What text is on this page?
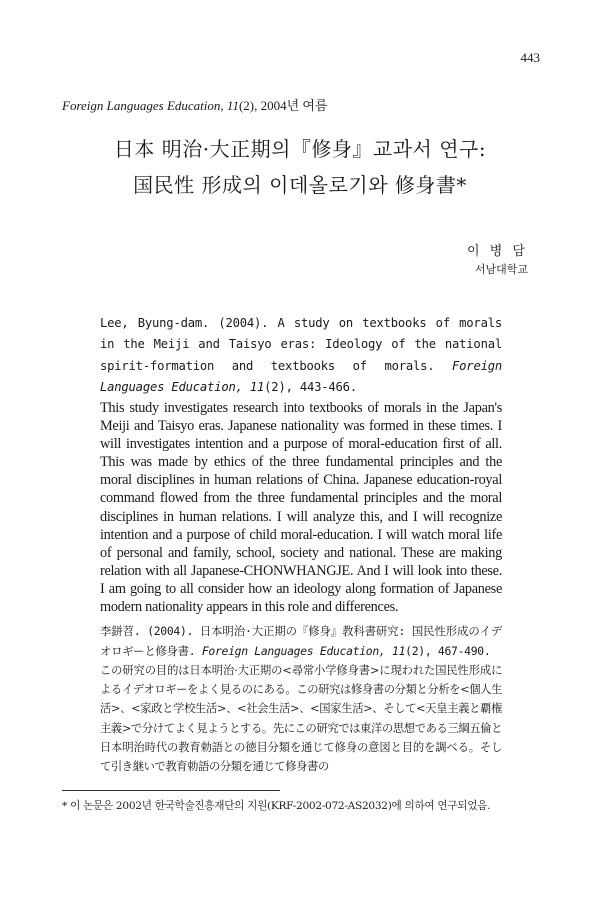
443
Foreign Languages Education, 11(2), 2004년 여름
日本 明治·大正期의『修身』교과서 연구:
国民性 形成의 이데올로기와 修身書*
이 병 담
서남대학교
Lee, Byung-dam. (2004). A study on textbooks of morals in the Meiji and Taisyo eras: Ideology of the national spirit-formation and textbooks of morals. Foreign Languages Education, 11(2), 443-466.
This study investigates research into textbooks of morals in the Japan's Meiji and Taisyo eras. Japanese nationality was formed in these times. I will investigates intention and a purpose of moral-education first of all. This was made by ethics of the three fundamental principles and the moral disciplines in human relations of China. Japanese education-royal command flowed from the three fundamental principles and the moral disciplines in human relations. I will analyze this, and I will recognize intention and a purpose of child moral-education. I will watch moral life of personal and family, school, society and national. These are making relation with all Japanese-CHONWHANGJE. And I will look into these. I am going to all consider how an ideology along formation of Japanese modern nationality appears in this role and differences.
李鉼苕. (2004). 日本明治·大正期の『修身』教科書研究: 国民性形成のイデオロギーと修身書. Foreign Languages Education, 11(2), 467-490.
この研究の目的は日本明治·大正期の<尋常小学修身書>に現われた国民性形成によるイデオロギーをよく見るのにある。この研究は修身書の分類と分析を<個人生活>、<家政と学校生活>、<社会生活>、<国家生活>、そして<天皇主義と覇権主義>で分けてよく見ようとする。先にこの研究では東洋の思想である三綱五倫と日本明治時代の教育勅語との徳目分類を通じて修身の意図と目的を調べる。そして引き継いで教育勅語の分類を通じて修身書の
* 이 논문은 2002년 한국학술진흥재단의 지원(KRF-2002-072-AS2032)에 의하여 연구되었음.
